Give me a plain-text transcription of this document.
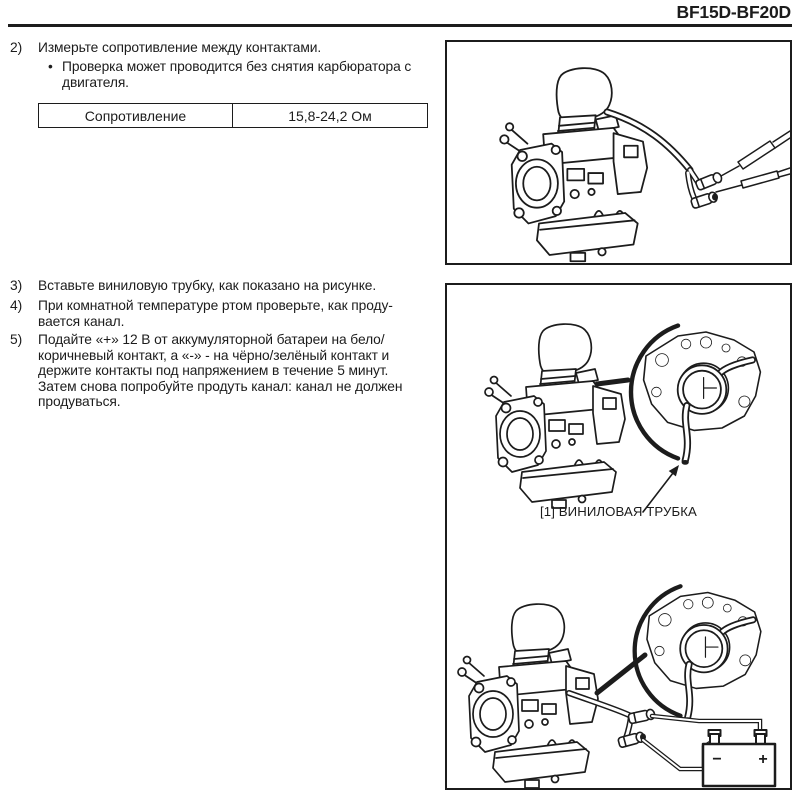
BF15D-BF20D
2)	Измерьте сопротивление между контактами.
• Проверка может проводится без снятия карбюратора с
двигателя.
Сопротивление	15,8-24,2 Ом
3)	Вставьте виниловую трубку, как показано на рисунке.
4)	При комнатной температуре ртом проверьте, как проду-
вается канал.
5)	Подайте «+» 12 В от аккумуляторной батареи на бело/
коричневый контакт, а «-» - на чёрно/зелёный контакт и
держите контакты под напряжением в течение 5 минут.
Затем снова попробуйте продуть канал: канал не должен
продуваться.
− +
[1] ВИНИЛОВАЯ ТРУБКА
